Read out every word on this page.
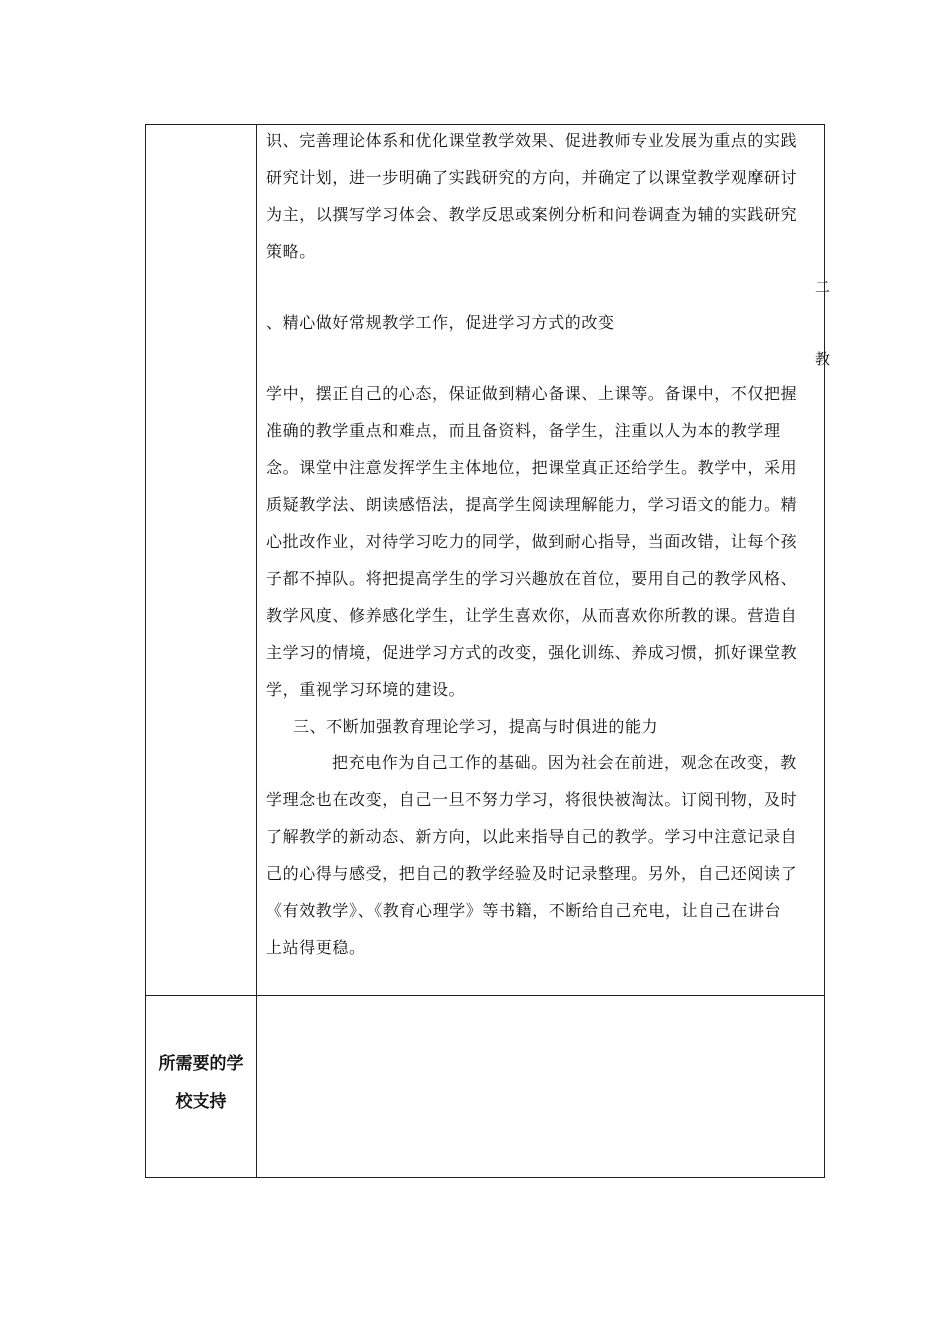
识、完善理论体系和优化课堂教学效果、促进教师专业发展为重点的实践
研究计划，进一步明确了实践研究的方向，并确定了以课堂教学观摩研讨
为主，以撰写学习体会、教学反思或案例分析和问卷调查为辅的实践研究
策略。
、精心做好常规教学工作，促进学习方式的改变
二
教
学中，摆正自己的心态，保证做到精心备课、上课等。备课中，不仅把握
准确的教学重点和难点，而且备资料，备学生，注重以人为本的教学理
念。课堂中注意发挥学生主体地位，把课堂真正还给学生。教学中，采用
质疑教学法、朗读感悟法，提高学生阅读理解能力，学习语文的能力。精
心批改作业，对待学习吃力的同学，做到耐心指导，当面改错，让每个孩
子都不掉队。将把提高学生的学习兴趣放在首位，要用自己的教学风格、
教学风度、修养感化学生，让学生喜欢你，从而喜欢你所教的课。营造自
主学习的情境，促进学习方式的改变，强化训练、养成习惯，抓好课堂教
学，重视学习环境的建设。
三、不断加强教育理论学习，提高与时俱进的能力
把充电作为自己工作的基础。因为社会在前进，观念在改变，教
学理念也在改变，自己一旦不努力学习，将很快被淘汰。订阅刊物，及时
了解教学的新动态、新方向，以此来指导自己的教学。学习中注意记录自
己的心得与感受，把自己的教学经验及时记录整理。另外，自己还阅读了
《有效教学》、《教育心理学》等书籍，不断给自己充电，让自己在讲台
上站得更稳。
所需要的学
校支持
